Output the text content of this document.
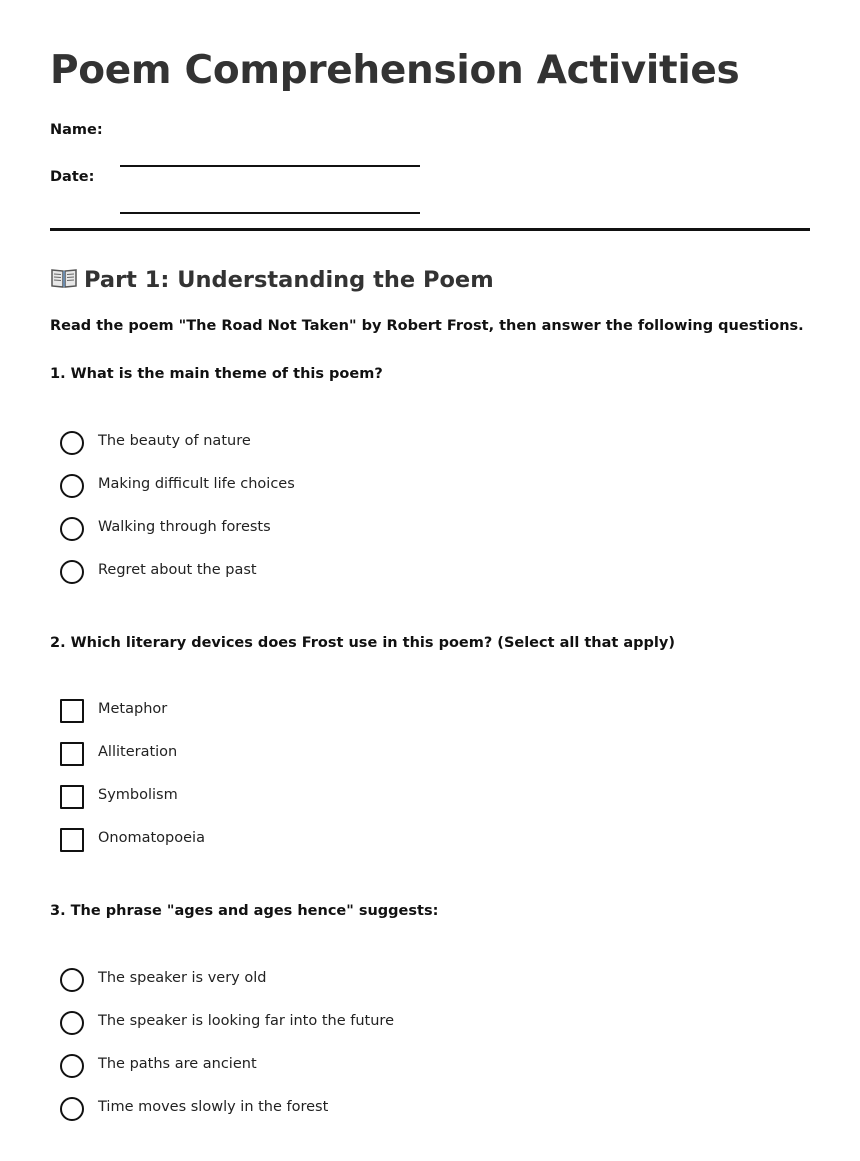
Poem Comprehension Activities
Name:
Date:
Part 1: Understanding the Poem
Read the poem "The Road Not Taken" by Robert Frost, then answer the following questions.
1. What is the main theme of this poem?
The beauty of nature
Making difficult life choices
Walking through forests
Regret about the past
2. Which literary devices does Frost use in this poem? (Select all that apply)
Metaphor
Alliteration
Symbolism
Onomatopoeia
3. The phrase "ages and ages hence" suggests:
The speaker is very old
The speaker is looking far into the future
The paths are ancient
Time moves slowly in the forest
